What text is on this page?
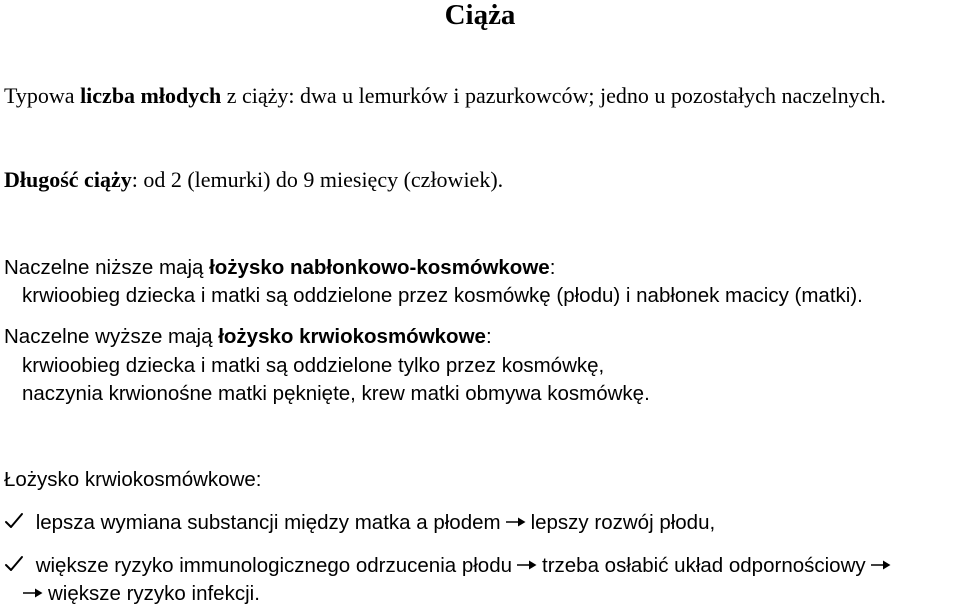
Ciąża
Typowa liczba młodych z ciąży: dwa u lemurków i pazurkowców; jedno u pozostałych naczelnych.
Długość ciąży: od 2 (lemurki) do 9 miesięcy (człowiek).
Naczelne niższe mają łożysko nabłonkowo-kosmówkowe:
krwioobieg dziecka i matki są oddzielone przez kosmówkę (płodu) i nabłonek macicy (matki).
Naczelne wyższe mają łożysko krwiokosmówkowe:
krwioobieg dziecka i matki są oddzielone tylko przez kosmówkę,
naczynia krwionośne matki pęknięte, krew matki obmywa kosmówkę.
Łożysko krwiokosmówkowe:
lepsza wymiana substancji między matka a płodem lepszy rozwój płodu,
większe ryzyko immunologicznego odrzucenia płodu trzeba osłabić układ odpornościowy
większe ryzyko infekcji.
